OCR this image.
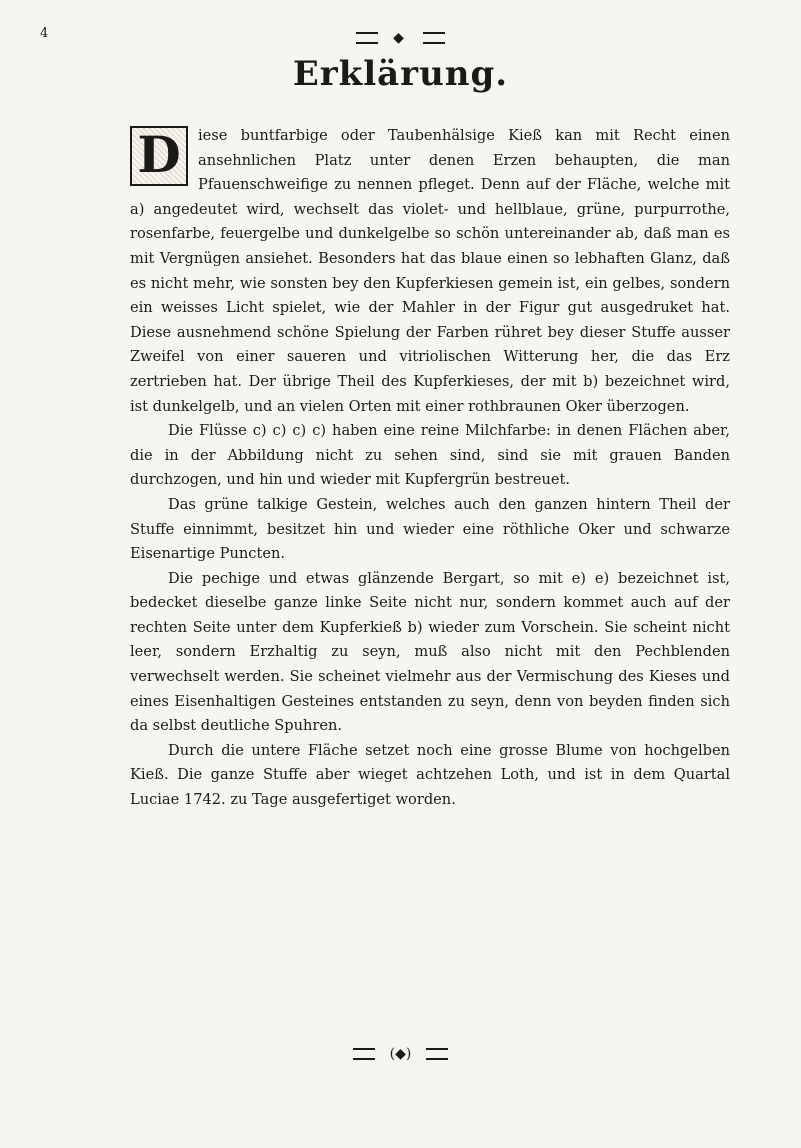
4	◆
Erklärung.

D	iese buntfarbige oder Taubenhälsige Kieß kan mit Recht einen ansehnlichen Platz unter denen Erzen behaupten, die man Pfauenschweifige zu nennen pfleget. Denn auf der Fläche, welche mit a) angedeutet wird, wechselt das violet- und hellblaue, grüne, purpurrothe, rosenfarbe, feuergelbe und dunkelgelbe so schön untereinander ab, daß man es mit Vergnügen ansiehet. Besonders hat das blaue einen so lebhaften Glanz, daß es nicht mehr, wie sonsten bey den Kupferkiesen gemein ist, ein gelbes, sondern ein weisses Licht spielet, wie der Mahler in der Figur gut ausgedruket hat. Diese ausnehmend schöne Spielung der Farben rühret bey dieser Stuffe ausser Zweifel von einer saueren und vitriolischen Witterung her, die das Erz zertrieben hat. Der übrige Theil des Kupferkieses, der mit b) bezeichnet wird, ist dunkelgelb, und an vielen Orten mit einer rothbraunen Oker überzogen.

Die Flüsse c) c) c) c) haben eine reine Milchfarbe: in denen Flächen aber, die in der Abbildung nicht zu sehen sind, sind sie mit grauen Banden durchzogen, und hin und wieder mit Kupfergrün bestreuet.

Das grüne talkige Gestein, welches auch den ganzen hintern Theil der Stuffe einnimmt, besitzet hin und wieder eine röthliche Oker und schwarze Eisenartige Puncten.

Die pechige und etwas glänzende Bergart, so mit e) e) bezeichnet ist, bedecket dieselbe ganze linke Seite nicht nur, sondern kommet auch auf der rechten Seite unter dem Kupferkieß b) wieder zum Vorschein. Sie scheint nicht leer, sondern Erzhaltig zu seyn, muß also nicht mit den Pechblenden verwechselt werden. Sie scheinet vielmehr aus der Vermischung des Kieses und eines Eisenhaltigen Gesteines entstanden zu seyn, denn von beyden finden sich da selbst deutliche Spuhren.

Durch die untere Fläche setzet noch eine grosse Blume von hochgelben Kieß. Die ganze Stuffe aber wieget achtzehen Loth, und ist in dem Quartal Luciae 1742. zu Tage ausgefertiget worden.

(◆)
